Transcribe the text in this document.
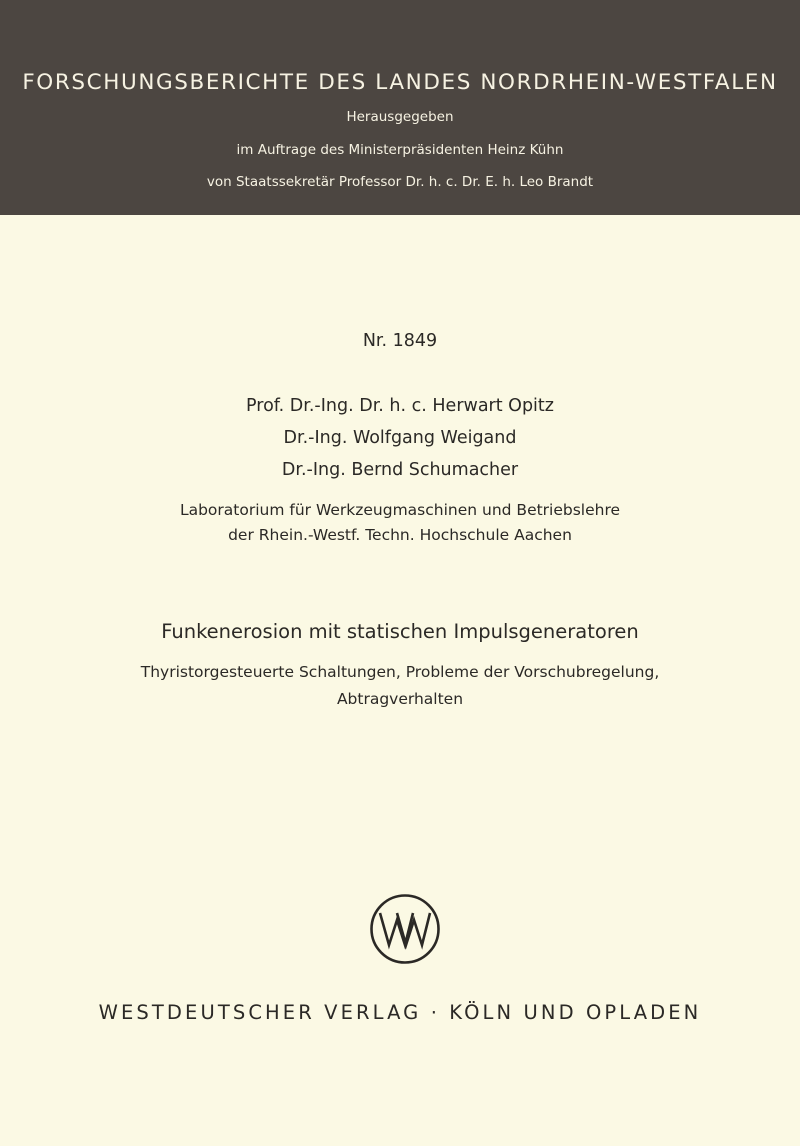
FORSCHUNGSBERICHTE DES LANDES NORDRHEIN-WESTFALEN
Herausgegeben
im Auftrage des Ministerpräsidenten Heinz Kühn
von Staatssekretär Professor Dr. h. c. Dr. E. h. Leo Brandt
Nr. 1849
Prof. Dr.-Ing. Dr. h. c. Herwart Opitz
Dr.-Ing. Wolfgang Weigand
Dr.-Ing. Bernd Schumacher
Laboratorium für Werkzeugmaschinen und Betriebslehre
der Rhein.-Westf. Techn. Hochschule Aachen
Funkenerosion mit statischen Impulsgeneratoren
Thyristorgesteuerte Schaltungen, Probleme der Vorschubregelung,
Abtragverhalten
WESTDEUTSCHER VERLAG · KÖLN UND OPLADEN
